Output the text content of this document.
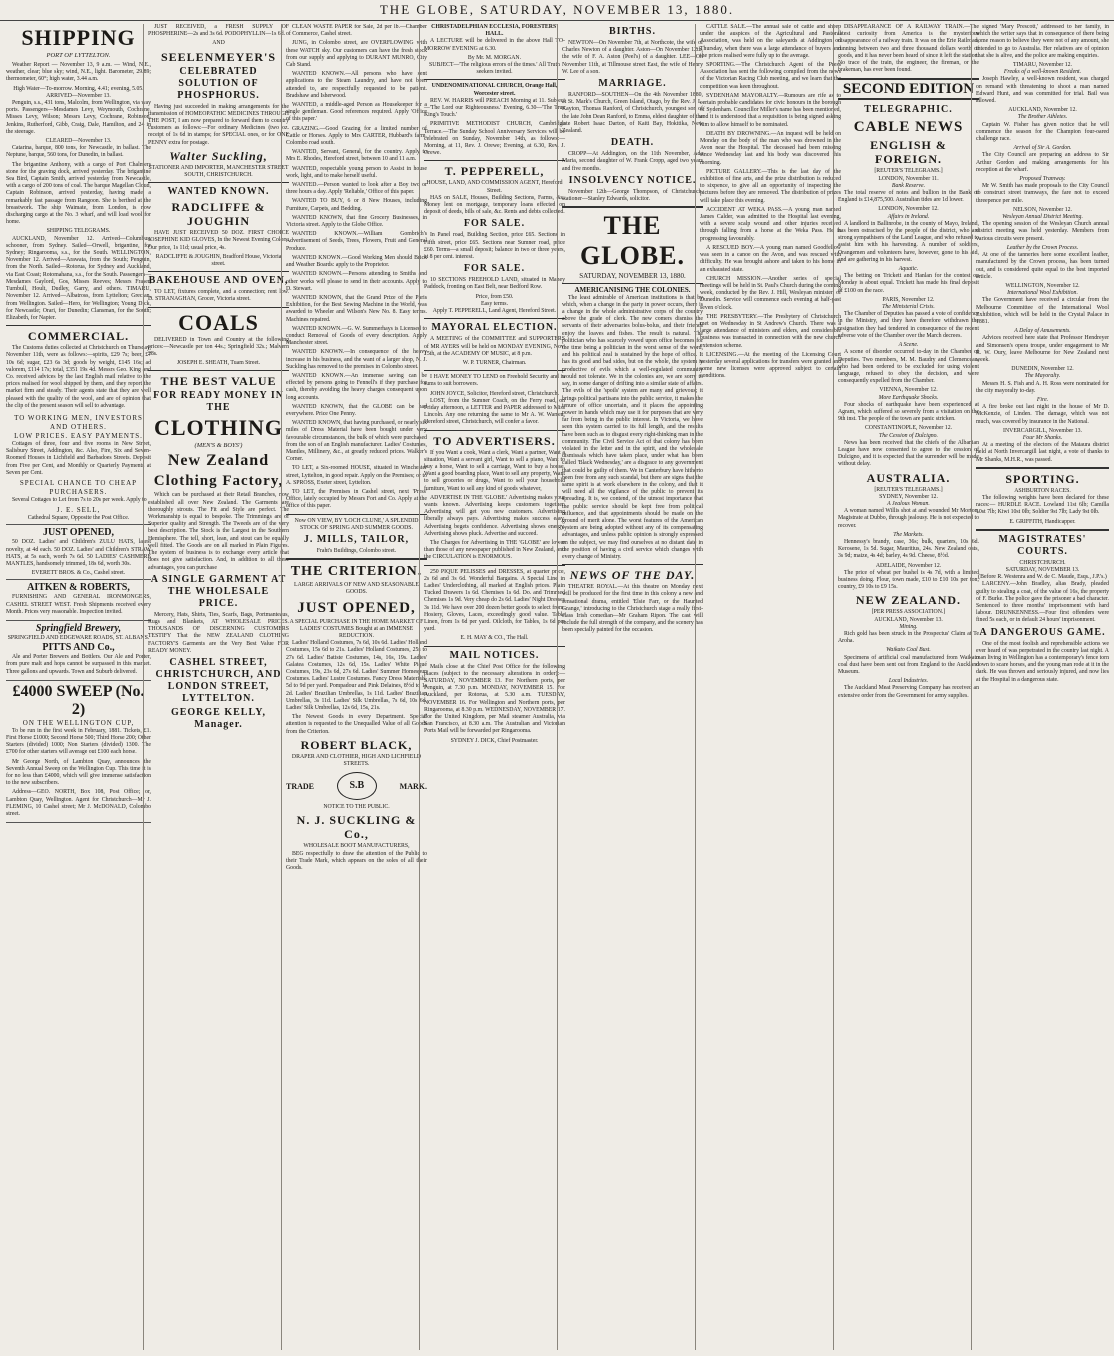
THE GLOBE, SATURDAY, NOVEMBER 13, 1880.
SHIPPING
PORT OF LYTTELTON.

Weather Report — November 13, 9 a.m. — Wind, N.E., weather, clear; blue sky; wind, N.E., light. Barometer, 29.89; thermometer, 60°; high water, 3.44 a.m.

High Water—To-morrow. Morning, 4.41; evening, 5.05.
ARRIVED—November 13.

Penguin, s.s., 431 tons, Malcolm, from Wellington, via way ports. Passengers—Mesdames Levy, Weymouth, Cochrane, Misses Levy, Wilson; Messrs Levy, Cochrane, Robinson, Jenkins, Rutherford, Gibb, Craig, Dale, Hamilton, and 24 in the steerage.

CLEARED—November 13.

Catarina, barque, 800 tons, for Newcastle, in ballast. The Neptune, barque, 560 tons, for Dunedin, in ballast.

The brigantine Anthony, with a cargo of Port Chalmers stone for the graving dock, arrived yesterday. The brigantine Sea Bird, Captain Smith, arrived yesterday from Newcastle, with a cargo of 200 tons of coal. The barque Magellan Cloud, Captain Robinson, arrived yesterday, having made a remarkably fast passage from Rangoon. She is berthed at the breastwork. The ship Waimate, from London, is now discharging cargo at the No. 3 wharf, and will load wool for home.

SHIPPING TELEGRAMS.

AUCKLAND, November 12. Arrived—Columbus, schooner, from Sydney. Sailed—Orwell, brigantine, for Sydney; Ringarooma, s.s., for the South. WELLINGTON, November 12. Arrived—Arawata, from the South; Penguin, from the North. Sailed—Rotorua, for Sydney and Auckland, via East Coast; Rotomahana, s.s., for the South. Passengers—Mesdames Gaylord, Gos, Misses Reeves; Messrs Fraser, Turnbull, Hoult, Dudley, Garry, and others. TIMARU, November 12. Arrived—Albatross, from Lyttelton; Grecian, from Wellington. Sailed—Hero, for Wellington; Young Dick, for Newcastle; Orari, for Dunedin; Clansman, for the South; Elizabeth, for Napier.

COMMERCIAL.

The Customs duties collected at Christchurch on Thursday, November 11th, were as follows:—spirits, £29 7s; beer, £7 10s 6d; sugar, £23 6s 3d; goods by weight, £145 16s; ad valorem, £114 17s; total, £351 19s 4d. Messrs Geo. King and Co. received advices by the last English mail relative to the prices realised for wool shipped by them, and they report the market firm and steady. Their agents state that they are well pleased with the quality of the wool, and are of opinion that the clip of the present season will sell to advantage.

TO WORKING MEN, INVESTORS AND OTHERS.
LOW PRICES. EASY PAYMENTS.

Cottages of three, four and five rooms in New Street, Salisbury Street, Addington, &c. Also, Fire, Six and Seven-Roomed Houses in Lichfield and Barbadoes Streets. Deposit from Five per Cent, and Monthly or Quarterly Payments at Seven per Cent.

SPECIAL CHANCE TO CHEAP PURCHASERS.

Several Cottages to Let from 7s to 20s per week. Apply to

J. E. SELL,
Cathedral Square, Opposite the Post Office.
JUST OPENED,

50 DOZ. Ladies' and Children's ZULU HATS, latest novelty, at 4d each. 50 DOZ. Ladies' and Children's STRAW HATS, at 5s each, worth 7s 6d. 50 LADIES' CASHMERE MANTLES, handsomely trimmed, 18s 6d, worth 30s.

EVERETT BROS. & Co., Cashel street.
AITKEN & ROBERTS,

FURNISHING AND GENERAL IRONMONGERS, CASHEL STREET WEST. Fresh Shipments received every Month. Prices very reasonable. Inspection invited.

Springfield Brewery,
SPRINGFIELD AND EDGEWARE ROADS, ST. ALBANS.
PITTS AND Co.,

Ale and Porter Brewers and Bottlers. Our Ale and Porter, from pure malt and hops cannot be surpassed in this market. Three gallons and upwards. Town and Suburb delivered.

£4000 SWEEP (No. 2)
ON THE WELLINGTON CUP,

To be run in the first week in February, 1881. Tickets, £1. First Horse £1000; Second Horse 500; Third Horse 200; Other Starters (divided) 1000; Non Starters (divided) 1300. The £700 for other starters will average out £100 each horse.

Mr George North, of Lambton Quay, announces the Seventh Annual Sweep on the Wellington Cup. This time it is for no less than £4000, which will give immense satisfaction to the new subscribers.

Address—GEO. NORTH, Box 108, Post Office; or, Lambton Quay, Wellington. Agent for Christchurch—Mr J. FLEMING, 10 Cashel street; Mr J. McDONALD, Colombo street.

JUST RECEIVED, a FRESH SUPPLY OF PHOSPHERINE—2s and 3s 6d. PODOPHYLLIN—1s 6d.

AND
SEELENMEYER'S
CELEBRATED SOLUTION OF PHOSPHORUS.

Having just succeeded in making arrangements for the transmission of HOMEOPATHIC MEDICINES THROUGH THE POST, I am now prepared to forward them to country customers as follows:—For ordinary Medicines (two oz. receipt of 1s 6d in stamps; for SPECIAL ones, or for ONE PENNY extra for postage.

Walter Suckling,
STATIONER AND IMPORTER, MANCHESTER STREET SOUTH, CHRISTCHURCH.
WANTED KNOWN.
RADCLIFFE & JOUGHIN

HAVE JUST RECEIVED 50 DOZ. FIRST CHOICE JOSEPHINE KID GLOVES, In the Newest Evening Colors. Our price, 1s 11d; usual price, 4s.

RADCLIFFE & JOUGHIN, Bradford House, Victoria street.
BAKEHOUSE AND OVEN,

TO LET, fixtures complete, and a connection; rent low. D. STRANAGHAN, Grocer, Victoria street.

COALS

DELIVERED in Town and Country at the following prices:—Newcastle per ton 44s.; Springfield 32s.; Malvern 28s.

JOSEPH E. SHEATH, Tuam Street.
THE BEST VALUE
FOR READY MONEY IN THE
CLOTHING
(MEN'S & BOYS')
New Zealand
Clothing Factory,

Which can be purchased at their Retail Branches, now established all over New Zealand. The Garments are thoroughly strouts. The Fit and Style are perfect. The Workmanship is equal to bespoke. The Trimmings are of Superior quality and Strength. The Tweeds are of the very best description. The Stock is the Largest in the Southern Hemisphere. The tell, short, lean, and stout can be equally well fitted. The Goods are on all marked in Plain Figures. The system of business is to exchange every article that does not give satisfaction. And, in addition to all these advantages, you can purchase

A SINGLE GARMENT AT THE WHOLESALE PRICE.

Mercery, Hats, Shirts, Ties, Scarfs, Bags, Portmanteaus, Rugs and Blankets, AT WHOLESALE PRICES. THOUSANDS OF DISCERNING CUSTOMERS TESTIFY That the NEW ZEALAND CLOTHING FACTORY'S Garments are the Very Best Value FOR READY MONEY.

CASHEL STREET, CHRISTCHURCH, AND LONDON STREET, LYTTELTON.
GEORGE KELLY, Manager.

CLEAN WASTE PAPER for Sale, 2d per lb.—Chamber of Commerce, Cashel street.

JUNG, in Colombo street, are OVERFLOWING with these WATCH sky. Our customers can have the fresh stock from our supply and applying to DURANT MUNRO, City Cab Stand.

WANTED KNOWN.—All persons who have sent applications to the Steam Laundry, and have not been attended to, are respectfully requested to be patient. Bradshaw and Isherwood.

WANTED, a middle-aged Person as Housekeeper for a single gentleman. Good references required. Apply 'Office of this paper.'

GRAZING.—Good Grazing for a limited number of Cattle or Horses. Apply to Mrs CARTER, Hubbard's farm, Colombo road south.

WANTED, Servant, General, for the country. Apply to Mrs E. Rhodes, Hereford street, between 10 and 11 a.m.

WANTED, respectable young person to Assist in house work, light, and to make herself useful.

WANTED.—Person wanted to look after a Boy two or three hours a day. Apply 'Reliable,' Office of this paper.

WANTED TO BUY, 6 or 8 New Houses, including Furniture, Carpets, and Bedding.

WANTED KNOWN, that fine Grocery Businesses, in Victoria street. Apply to the Globe Office.

WANTED KNOWN.—William Gombrich's Advertisement of Seeds, Trees, Flowers, Fruit and General Produce.

WANTED KNOWN.—Good Working Men should Brick and Weather Boards: apply to the Proprietor.

WANTED KNOWN.—Persons attending to Smiths and other works will please to send in their accounts. Apply to D. Stewart.

WANTED KNOWN, that the Grand Prize of the Paris Exhibition, for the Best Sewing Machine in the World, was awarded to Wheeler and Wilson's New No. 8. Easy terms. Machines repaired.

WANTED KNOWN.—G. W. Summerhays is Licensed to conduct Removal of Goods of every description. Apply Manchester street.

WANTED KNOWN.—In consequence of the heavy increase in his business, and the want of a larger shop, N. J. Suckling has removed to the premises in Colombo street.

WANTED KNOWN.—An immense saving can be effected by persons going to Fennell's if they purchase for cash, thereby avoiding the heavy charges consequent upon long accounts.

WANTED KNOWN, that the GLOBE can be had everywhere. Price One Penny.

WANTED KNOWN, that having purchased, or nearly six miles of Dress Material have been bought under very favourable circumstances, the bulk of which were purchased from the son of an English manufacturer. Ladies' Costumes, Mantles, Millinery, &c., at greatly reduced prices. Walker's Corner.

TO LET, a Six-roomed HOUSE, situated in Winchester street, Lyttelton, in good repair. Apply on the Premises; or to A. SPROSS, Exeter street, Lyttelton.

TO LET, the Premises in Cashel street, next 'Press' Office, lately occupied by Messrs Fort and Co. Apply at the office of this paper.

Now ON VIEW, BY 'LOCH CLUNE,' A SPLENDID STOCK OF SPRING AND SUMMER GOODS.
J. MILLS, TAILOR,
Fraht's Buildings, Colombo street.
THE CRITERION.
LARGE ARRIVALS OF NEW AND SEASONABLE GOODS.
JUST OPENED,
A SPECIAL PURCHASE IN THE HOME MARKET OF LADIES' COSTUMES Bought at an IMMENSE REDUCTION.

Ladies' Holland Costumes, 7s 6d, 10s 6d. Ladies' Holland Costumes, 15s 6d to 21s. Ladies' Holland Costumes, 25s to 27s 6d. Ladies' Batiste Costumes, 14s, 16s, 19s. Ladies' Galatea Costumes, 12s 6d, 15s. Ladies' White Piqué Costumes, 19s, 23s 6d, 27s 6d. Ladies' Summer Homespun Costumes. Ladies' Lustre Costumes. Fancy Dress Materials, 5d to 9d per yard. Pompadour and Pink Delaines, 8½d to 1s 2d. Ladies' Brazilian Umbrellas, 1s 11d. Ladies' Brazilian Umbrellas, 3s 11d. Ladies' Silk Umbrellas, 7s 6d, 10s 6d. Ladies' Silk Umbrellas, 12s 6d, 15s, 21s.

The Newest Goods in every Department. Special attention is requested to the Unequalled Value of all Goods from the Criterion.

ROBERT BLACK,
DRAPER AND CLOTHIER, HIGH AND LICHFIELD STREETS.
TRADE	S.B	MARK.
NOTICE TO THE PUBLIC.
N. J. SUCKLING & Co.,
WHOLESALE BOOT MANUFACTURERS,

BEG respectfully to draw the attention of the Public to their Trade Mark, which appears on the soles of all their Goods.

CHRISTADELPHIAN ECCLESIA, FORESTERS' HALL.

A LECTURE will be delivered in the above Hall TO-MORROW EVENING at 6.30.

By Mr. M. MORGAN.
SUBJECT—'The religious errors of the times.' All Truth seekers invited.
UNDENOMINATIONAL CHURCH, Orange Hall, Worcester street.

REV. W. HARRIS will PREACH Morning at 11. Subject—'The Lord our Righteousness.' Evening, 6.30—'The True King's Touch.'

PRIMITIVE METHODIST CHURCH, Cambridge Terrace.—The Sunday School Anniversary Services will be celebrated on Sunday, November 14th, as follows:—Morning, at 11, Rev. J. Orewe; Evening, at 6.30, Rev. J. Orewe.

T. PEPPERELL,
HOUSE, LAND, AND COMMISSION AGENT, Hereford Street.

HAS on SALE, Houses, Building Sections, Farms, &c. Money lent on mortgage, temporary loans effected on deposit of deeds, bills of sale, &c. Rents and debts collected.

FOR SALE.

In Panel road, Building Section, price £65. Sections in Fifth street, price £65. Sections near Sumner road, price £60. Terms—a small deposit; balance in two or three years, at 8 per cent. interest.

FOR SALE.

10 SECTIONS FREEHOLD LAND, situated in Maney Paddock, fronting on East Belt, near Bedford Row.

Price, from £50.
Easy terms.
Apply T. PEPPERELL, Land Agent, Hereford Street.
MAYORAL ELECTION.

A MEETING of the COMMITTEE and SUPPORTERS of MR AYERS will be held on MONDAY EVENING, Nov. 15th, at the ACADEMY OF MUSIC, at 8 p.m.

W. P. TURNER, Chairman.

I HAVE MONEY TO LEND on Freehold Security and in sums to suit borrowers.

JOHN JOYCE, Solicitor, Hereford street, Christchurch.

LOST, from the Sumner Coach, on the Ferry road, on Friday afternoon, a LETTER and PAPER addressed to Miss Lincoln. Any one returning the same to Mr A. W. Warren, Hereford street, Christchurch, will confer a favor.

TO ADVERTISERS.

If you Want a cook, Want a clerk, Want a partner, Want a situation, Want a servant girl, Want to sell a piano, Want to buy a horse, Want to sell a carriage, Want to buy a house, Want a good boarding place, Want to sell any property, Want to sell groceries or drugs, Want to sell your household furniture, Want to sell any kind of goods whatever,

ADVERTISE IN THE 'GLOBE.' Advertising makes your wants known. Advertising keeps customers together. Advertising will get you new customers. Advertising liberally always pays. Advertising makes success easy. Advertising begets confidence. Advertising shows energy. Advertising shows pluck. Advertise and succeed.

The Charges for Advertising in THE 'GLOBE' are lower than those of any newspaper published in New Zealand, and the CIRCULATION is ENORMOUS.

250 PIQUE PELISSES and DRESSES, at quarter price, 2s 6d and 3s 6d. Wonderful Bargains. A Special Line in Ladies' Underclothing, all marked at English prices. Plain Tucked Drawers 1s 6d. Chemises 1s 6d. Do. and Trimmed Chemises 1s 9d. Very cheap do 2s 6d. Ladies' Night Dresses 3s 11d. We have over 200 dozen better goods to select from. Hosiery, Gloves, Laces, exceedingly good value. Table Linen, from 1s 6d per yard. Oilcloth, for Tables, 1s 6d per yard.

E. H. MAY & CO., The Hall.
MAIL NOTICES.

Mails close at the Chief Post Office for the following places (subject to the necessary alterations in order):— SATURDAY, NOVEMBER 13. For Northern ports, per Penguin, at 7.30 p.m. MONDAY, NOVEMBER 15. For Auckland, per Rotorua, at 5.30 a.m. TUESDAY, NOVEMBER 16. For Wellington and Northern ports, per Ringarooma, at 8.30 p.m. WEDNESDAY, NOVEMBER 17. For the United Kingdom, per Mail steamer Australia, via San Francisco, at 8.30 a.m. The Australian and Victorian Ports Mail will be forwarded per Ringarooma.

SYDNEY J. DICK, Chief Postmaster.
BIRTHS.

NEWTON—On November 7th, at Northcote, the wife of Charles Newton of a daughter. Aston—On November 12th, the wife of F. A. Aston (Peel's) of a daughter. LEE—On November 11th, at Tillmouse street East, the wife of Henry W. Lee of a son.

MARRIAGE.

RANFORD—SOUTHEN—On the 4th November 1880, at St. Mark's Church, Green Island, Otago, by the Rev. J. L. Kayton, Thomas Ranford, of Christchurch, youngest son of the late John Dean Ranford, to Emma, eldest daughter of the late Robert Isaac Darton, of Kaiti Bay, Hokitika, New Zealand.

DEATH.

CROPP—At Addington, on the 11th November, Ada Maria, second daughter of W. Frank Cropp, aged two years and five months.

INSOLVENCY NOTICE.

November 12th—George Thompson, of Christchurch, stationer—Stanley Edwards, solicitor.

THE GLOBE.
SATURDAY, NOVEMBER 13, 1880.
AMERICANISING THE COLONIES.

The least admirable of American institutions is that by which, when a change in the party in power occurs, there is a change in the whole administrative corps of the country above the grade of clerk. The new comers dismiss the servants of their adversaries bolus-bolus, and their friends enjoy the loaves and fishes. The result is natural. The politician who has scarcely vowed upon office becomes for the time being a politician in the worst sense of the word, and his political zeal is sustained by the hope of office. It has its good and bad sides, but on the whole, the system is productive of evils which a well-regulated community would not tolerate. We in the colonies are, we are sorry to say, in some danger of drifting into a similar state of affairs. The evils of the 'spoils' system are many and grievous; it brings political partisans into the public service, it makes the tenure of office uncertain, and it places the appointing power in hands which may use it for purposes that are very far from being in the public interest. In Victoria, we have seen this system carried to its full length, and the results have been such as to disgust every right-thinking man in the community. The Civil Service Act of that colony has been violated in the letter and in the spirit, and the wholesale dismissals which have taken place, under what has been called 'Black Wednesday,' are a disgrace to any government that could be guilty of them. We in Canterbury have hitherto been free from any such scandal, but there are signs that the same spirit is at work elsewhere in the colony, and that it will need all the vigilance of the public to prevent its spreading. It is, we contend, of the utmost importance that the public service should be kept free from political influence, and that appointments should be made on the ground of merit alone. The worst features of the American system are being adopted without any of its compensating advantages, and unless public opinion is strongly expressed on the subject, we may find ourselves at no distant date in the position of having a civil service which changes with every change of Ministry.

NEWS OF THE DAY.

THEATRE ROYAL.—At this theatre on Monday next will be produced for the first time in this colony a new and sensational drama, entitled 'Elsie Farr, or the Haunted Grange,' introducing to the Christchurch stage a really first-class Irish comedian—Mr Graham Ripon. The cast will include the full strength of the company, and the scenery has been specially painted for the occasion.

CATTLE SALE.—The annual sale of cattle and sheep under the auspices of the Agricultural and Pastoral Association, was held on the saleyards at Addington on Thursday, when there was a large attendance of buyers and the prices realised were fully up to the average.

SPORTING.—The Christchurch Agent of the Press Association has sent the following compiled from the news of the Victorian Racing Club meeting, and we learn that the competition was keen throughout.

SYDENHAM MAYORALTY.—Rumours are rife as to certain probable candidates for civic honours in the borough of Sydenham. Councillor Miller's name has been mentioned, and it is understood that a requisition is being signed asking him to allow himself to be nominated.

DEATH BY DROWNING.—An inquest will be held on Monday on the body of the man who was drowned in the Avon near the Hospital. The deceased had been missing since Wednesday last and his body was discovered this morning.

PICTURE GALLERY.—This is the last day of the exhibition of fine arts, and the prize distribution is reduced to sixpence, to give all an opportunity of inspecting the pictures before they are removed. The distribution of prizes will take place this evening.

ACCIDENT AT WEKA PASS.—A young man named James Calder, was admitted to the Hospital last evening, with a severe scalp wound and other injuries received through falling from a horse at the Weka Pass. He is progressing favourably.

A RESCUED BOY.—A young man named Goodfellow was seen in a canoe on the Avon, and was rescued with difficulty. He was brought ashore and taken to his home in an exhausted state.

CHURCH MISSION.—Another series of special meetings will be held in St. Paul's Church during the coming week, conducted by the Rev. J. Hill, Wesleyan minister, of Dunedin. Service will commence each evening at half-past seven o'clock.

THE PRESBYTERY.—The Presbytery of Christchurch met on Wednesday in St Andrew's Church. There was a large attendance of ministers and elders, and considerable business was transacted in connection with the new church extension scheme.

LICENSING.—At the meeting of the Licensing Court yesterday several applications for transfers were granted and some new licenses were approved subject to certain conditions.

DISAPPEARANCE OF A RAILWAY TRAIN.—The latest curiosity from America is the mysterious disappearance of a railway train. It was on the Erie Railroad, running between two and three thousand dollars worth of goods, and it has never been heard of since it left the station. No trace of the train, the engineer, the fireman, or the brakeman, has ever been found.

SECOND EDITION
TELEGRAPHIC.
CABLE NEWS
ENGLISH & FOREIGN.
[REUTER'S TELEGRAMS.]
LONDON, November 11.
Bank Reserve.

The total reserve of notes and bullion in the Bank of England is £14,875,500. Australian tides are 1d lower.

LONDON, November 12.
Affairs in Ireland.

A landlord in Ballinrobe, in the county of Mayo, Ireland, has been ostracised by the people of the district, who are strong sympathisers of the Land League, and who refused to assist him with his harvesting. A number of soldiers, Orangemen and volunteers have, however, gone to his aid, and are gathering in his harvest.

Aquatic.

The betting on Trickett and Hanlan for the contest on Monday is about equal. Trickett has made his final deposit of £100 on the race.

PARIS, November 12.
The Ministerial Crisis.

The Chamber of Deputies has passed a vote of confidence in the Ministry, and they have therefore withdrawn the resignation they had tendered in consequence of the recent adverse vote of the Chamber over the March decrees.

A Scene.

A scene of disorder occurred to-day in the Chamber of Deputies. Two members, M. M. Baudry and Clemenceau, who had been ordered to be excluded for using violent language, refused to obey the decision, and were consequently expelled from the Chamber.

VIENNA, November 12.
More Earthquake Shocks.

Four shocks of earthquake have been experienced at Agram, which suffered so severely from a visitation on the 9th inst. The people of the town are panic stricken.

CONSTANTINOPLE, November 12.
The Cession of Dulcigno.

News has been received that the chiefs of the Albanian League have now consented to agree to the cession of Dulcigno, and it is expected that the surrender will be made without delay.

AUSTRALIA.
[REUTER'S TELEGRAMS.]
SYDNEY, November 12.
A Jealous Woman.

A woman named Willis shot at and wounded Mr Morton, Magistrate at Dubbo, through jealousy. He is not expected to recover.

The Markets.

Hennessy's brandy, case, 36s; bulk, quarters, 10s 6d. Kerosene, 1s 5d. Sugar, Mauritius, 24s. New Zealand oats, 3s 9d; maize, 4s 4d; barley, 4s 9d. Cheese, 8½d.

ADELAIDE, November 12.

The price of wheat per bushel is 4s 7d, with a limited business doing. Flour, town made, £10 to £10 10s per ton; country, £9 10s to £9 15s.

NEW ZEALAND.
[PER PRESS ASSOCIATION.]
AUCKLAND, November 13.
Mining.

Rich gold has been struck in the Prospectus' Claim at Te Aroha.

Waikato Coal Bust.

Specimens of artificial coal manufactured from Waikato coal dust have been sent out from England to the Auckland Museum.

Local Industries.

The Auckland Meat Preserving Company has received an extensive order from the Government for army supplies.

signed 'Mary Prescott,' addressed to her family, in which the writer says that in consequence of there being some reason to believe they were not of any amount, she intended to go to Australia. Her relatives are of opinion that she is alive, and the police are making enquiries.

TIMARU, November 12.
Freaks of a well-known Resident.

Joseph Hawley, a well-known resident, was charged on remand with threatening to shoot a man named Edward Hunt, and was committed for trial. Bail was allowed.

AUCKLAND, November 12.
The Brother Athletes.

Captain W. Fisher has given notice that he will commence the season for the Champion four-oared challenge race.

Arrival of Sir A. Gordon.

The City Council are preparing an address to Sir Arthur Gordon and making arrangements for his reception at the wharf.

Proposed Tramway.

Mr W. Smith has made proposals to the City Council to construct street tramways, the fare not to exceed threepence per mile.

NELSON, November 12.
Wesleyan Annual District Meeting.

The opening session of the Wesleyan Church annual district meeting was held yesterday. Members from various circuits were present.

Leather by the Crown Process.

At one of the tanneries here some excellent leather, manufactured by the Crown process, has been turned out, and is considered quite equal to the best imported article.

WELLINGTON, November 12.
International Wool Exhibition.

The Government have received a circular from the Melbourne Committee of the International Wool Exhibition, which will be held in the Crystal Palace in 1881.

A Delay of Amusements.

Advices received here state that Professor Hendreyer and Simonsen's opera troupe, under engagement to Mr R. W. Oury, leave Melbourne for New Zealand next week.

DUNEDIN, November 12.
The Mayoralty.

Messrs H. S. Fish and A. H. Ross were nominated for the city mayoralty to-day.

Fire.

A fire broke out last night in the house of Mr D. McKenzie, of Linden. The damage, which was not much, was covered by insurance in the National.

INVERCARGILL, November 13.
Four Mr Shanks.

At a meeting of the electors of the Mataura district held at North Invercargill last night, a vote of thanks to Mr Shanks, M.H.R., was passed.

SPORTING.
ASHBURTON RACES.

The following weights have been declared for these races:— HURDLE RACE. Lowland 11st 6lb; Camilla 10st 7lb; Kiwi 10st 0lb; Soldier 9st 7lb; Lady 9st 0lb.

E. GRIFFITH, Handicapper.
MAGISTRATES' COURTS.
CHRISTCHURCH.
SATURDAY, NOVEMBER 13.
(Before R. Westenra and W. de C. Maude, Esqs., J.P.'s.)

LARCENY.—John Bradley, alias Brady, pleaded guilty to stealing a coat, of the value of 16s, the property of F. Burke. The police gave the prisoner a bad character. Sentenced to three months' imprisonment with hard labour. DRUNKENNESS.—Four first offenders were fined 5s each, or in default 24 hours' imprisonment.

A DANGEROUS GAME.

One of the most foolish and reprehensible actions we ever heard of was perpetrated in the country last night. A man living in Wellington has a contemporary's fence torn down to scare horses, and the young man rode at it in the dark. He was thrown and seriously injured, and now lies at the Hospital in a dangerous state.
